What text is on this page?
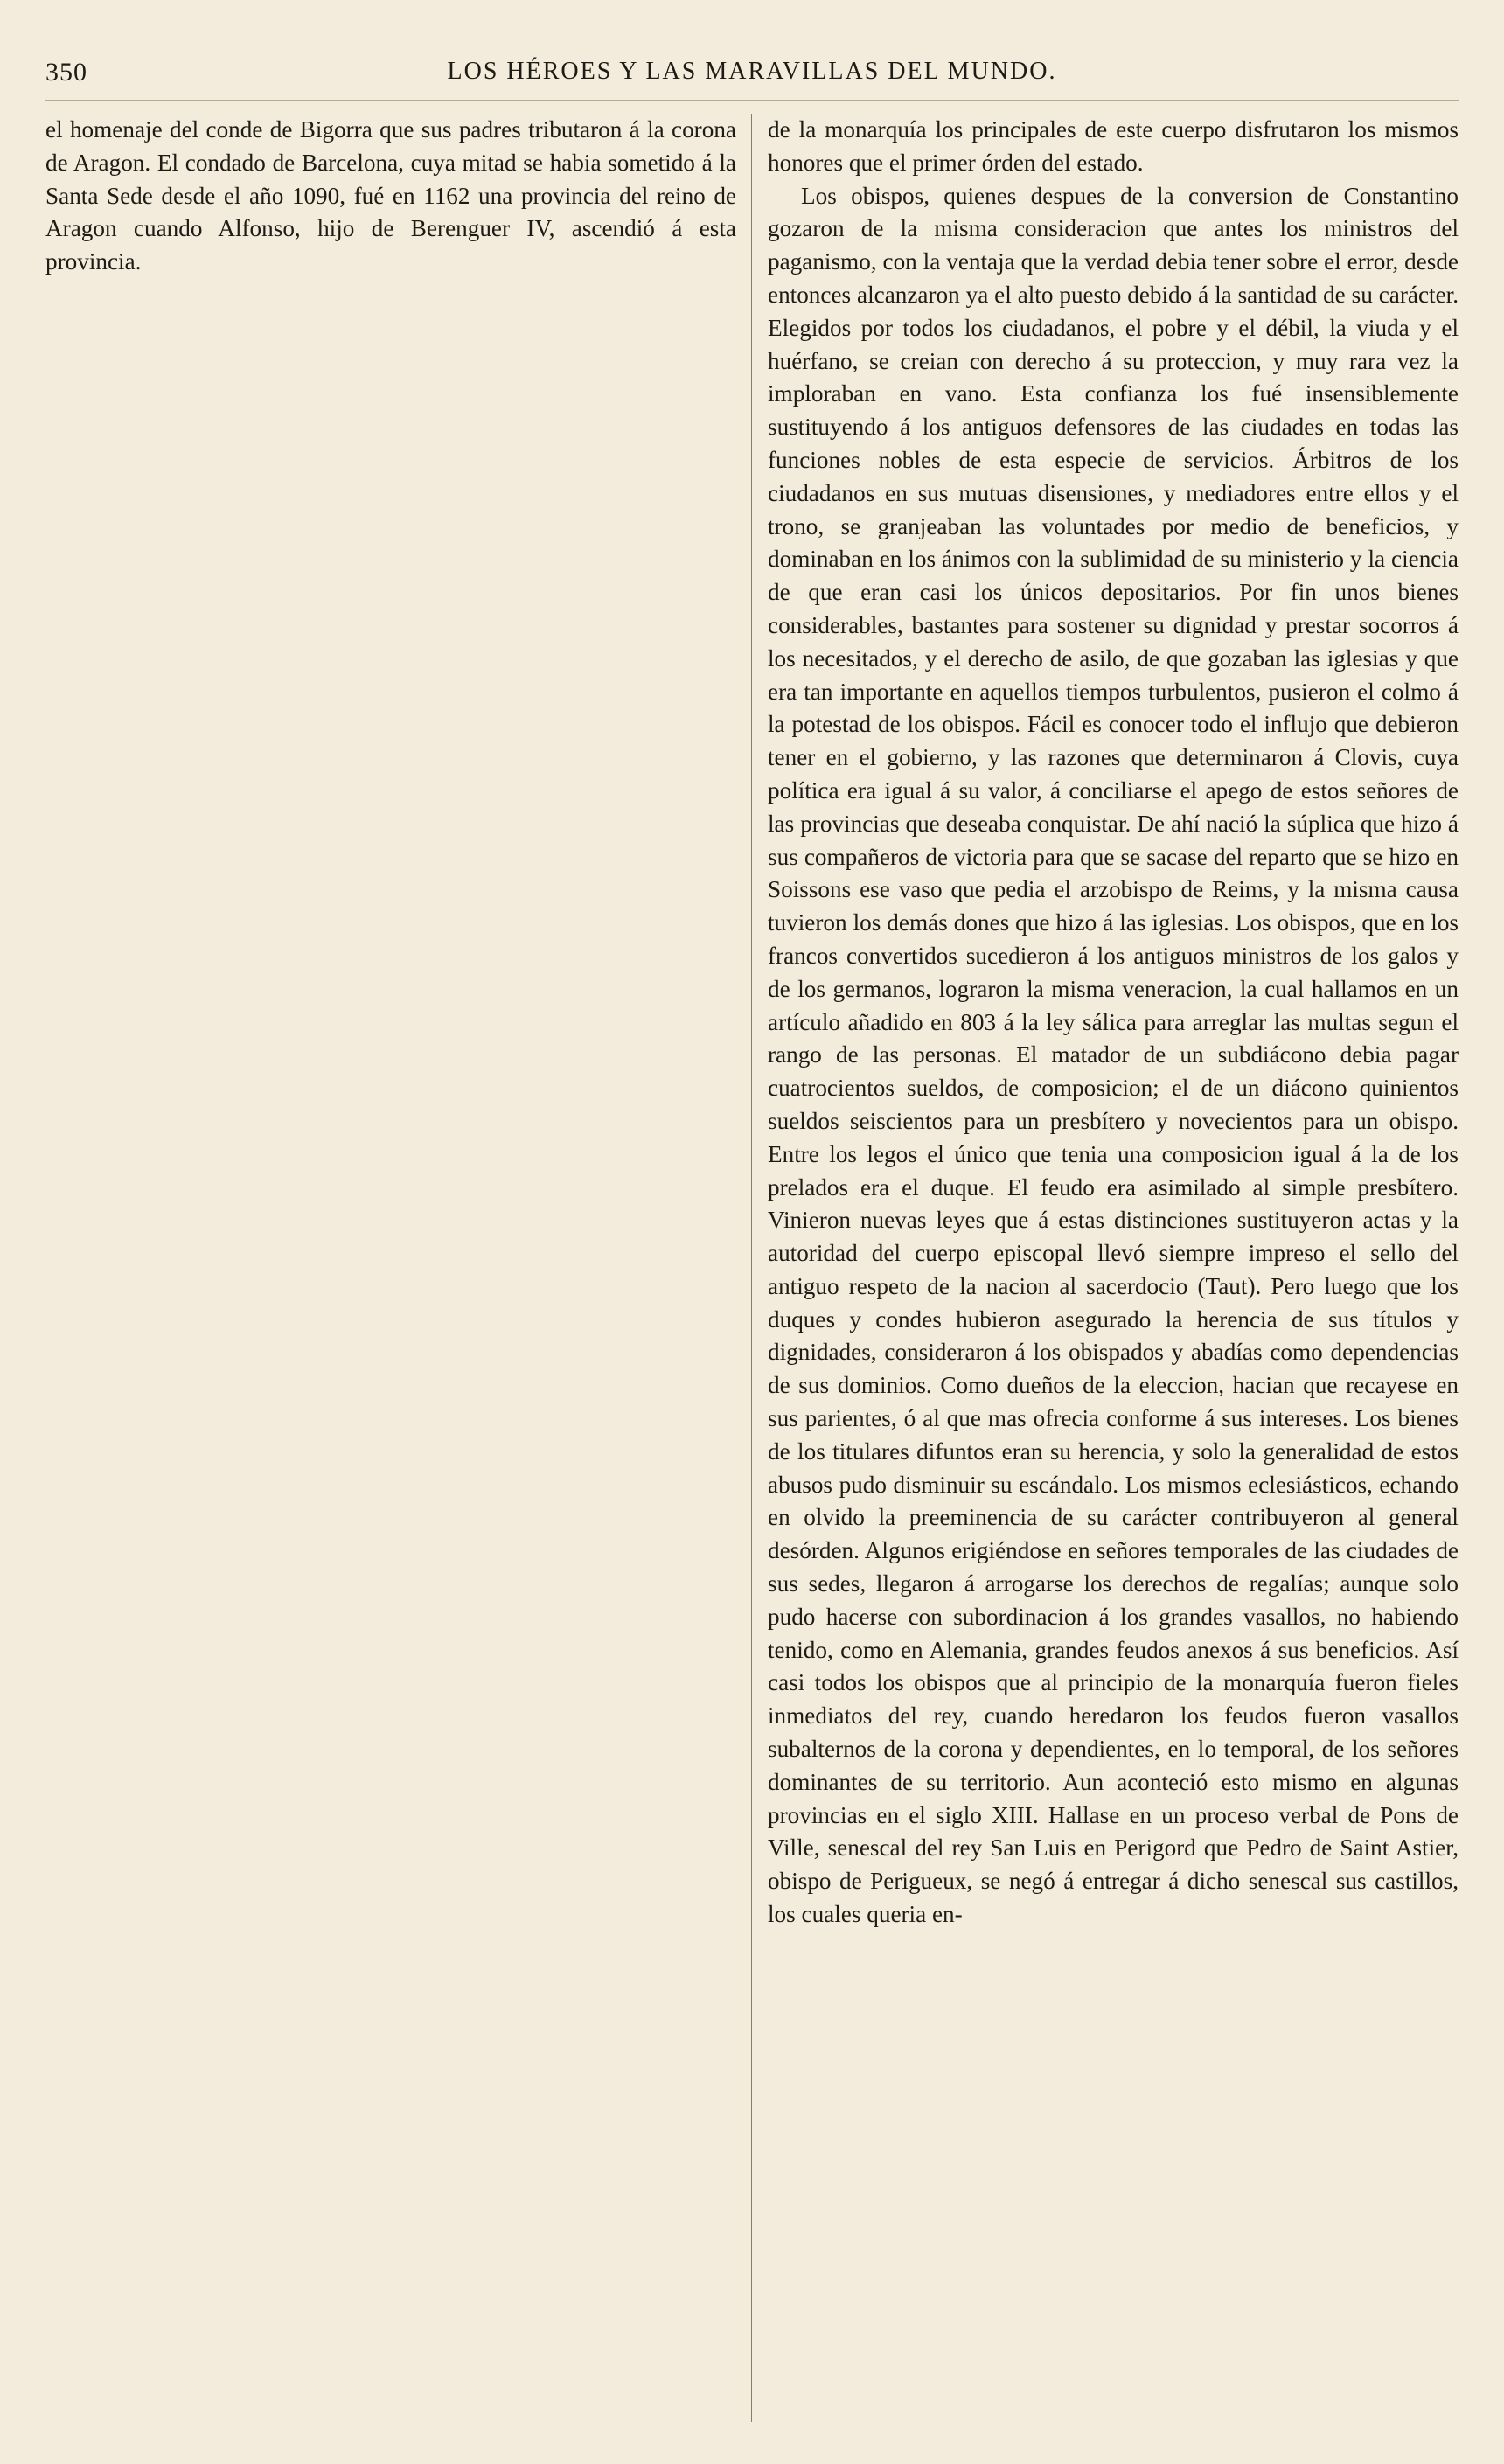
350	LOS HÉROES Y LAS MARAVILLAS DEL MUNDO.

el homenaje del conde de Bigorra que sus padres tributaron á la corona de Aragon. El condado de Barcelona, cuya mitad se habia sometido á la Santa Sede desde el año 1090, fué en 1162 una provincia del reino de Aragon cuando Alfonso, hijo de Berenguer IV, ascendió á esta provincia.

de la monarquía los principales de este cuerpo disfrutaron los mismos honores que el primer órden del estado.

Los obispos, quienes despues de la conversion de Constantino gozaron de la misma consideracion que antes los ministros del paganismo, con la ventaja que la verdad debia tener sobre el error, desde entonces alcanzaron ya el alto puesto debido á la santidad de su carácter. Elegidos por todos los ciudadanos, el pobre y el débil, la viuda y el huérfano, se creian con derecho á su proteccion, y muy rara vez la imploraban en vano. Esta confianza los fué insensiblemente sustituyendo á los antiguos defensores de las ciudades en todas las funciones nobles de esta especie de servicios. Árbitros de los ciudadanos en sus mutuas disensiones, y mediadores entre ellos y el trono, se granjeaban las voluntades por medio de beneficios, y dominaban en los ánimos con la sublimidad de su ministerio y la ciencia de que eran casi los únicos depositarios. Por fin unos bienes considerables, bastantes para sostener su dignidad y prestar socorros á los necesitados, y el derecho de asilo, de que gozaban las iglesias y que era tan importante en aquellos tiempos turbulentos, pusieron el colmo á la potestad de los obispos. Fácil es conocer todo el influjo que debieron tener en el gobierno, y las razones que determinaron á Clovis, cuya política era igual á su valor, á conciliarse el apego de estos señores de las provincias que deseaba conquistar. De ahí nació la súplica que hizo á sus compañeros de victoria para que se sacase del reparto que se hizo en Soissons ese vaso que pedia el arzobispo de Reims, y la misma causa tuvieron los demás dones que hizo á las iglesias. Los obispos, que en los francos convertidos sucedieron á los antiguos ministros de los galos y de los germanos, lograron la misma veneracion, la cual hallamos en un artículo añadido en 803 á la ley sálica para arreglar las multas segun el rango de las personas. El matador de un subdiácono debia pagar cuatrocientos sueldos, de composicion; el de un diácono quinientos sueldos seiscientos para un presbítero y novecientos para un obispo. Entre los legos el único que tenia una composicion igual á la de los prelados era el duque. El feudo era asimilado al simple presbítero. Vinieron nuevas leyes que á estas distinciones sustituyeron actas y la autoridad del cuerpo episcopal llevó siempre impreso el sello del antiguo respeto de la nacion al sacerdocio (Taut). Pero luego que los duques y condes hubieron asegurado la herencia de sus títulos y dignidades, consideraron á los obispados y abadías como dependencias de sus dominios. Como dueños de la eleccion, hacian que recayese en sus parientes, ó al que mas ofrecia conforme á sus intereses. Los bienes de los titulares difuntos eran su herencia, y solo la generalidad de estos abusos pudo disminuir su escándalo. Los mismos eclesiásticos, echando en olvido la preeminencia de su carácter contribuyeron al general desórden. Algunos erigiéndose en señores temporales de las ciudades de sus sedes, llegaron á arrogarse los derechos de regalías; aunque solo pudo hacerse con subordinacion á los grandes vasallos, no habiendo tenido, como en Alemania, grandes feudos anexos á sus beneficios. Así casi todos los obispos que al principio de la monarquía fueron fieles inmediatos del rey, cuando heredaron los feudos fueron vasallos subalternos de la corona y dependientes, en lo temporal, de los señores dominantes de su territorio. Aun aconteció esto mismo en algunas provincias en el siglo XIII. Hallase en un proceso verbal de Pons de Ville, senescal del rey San Luis en Perigord que Pedro de Saint Astier, obispo de Perigueux, se negó á entregar á dicho senescal sus castillos, los cuales queria en-
